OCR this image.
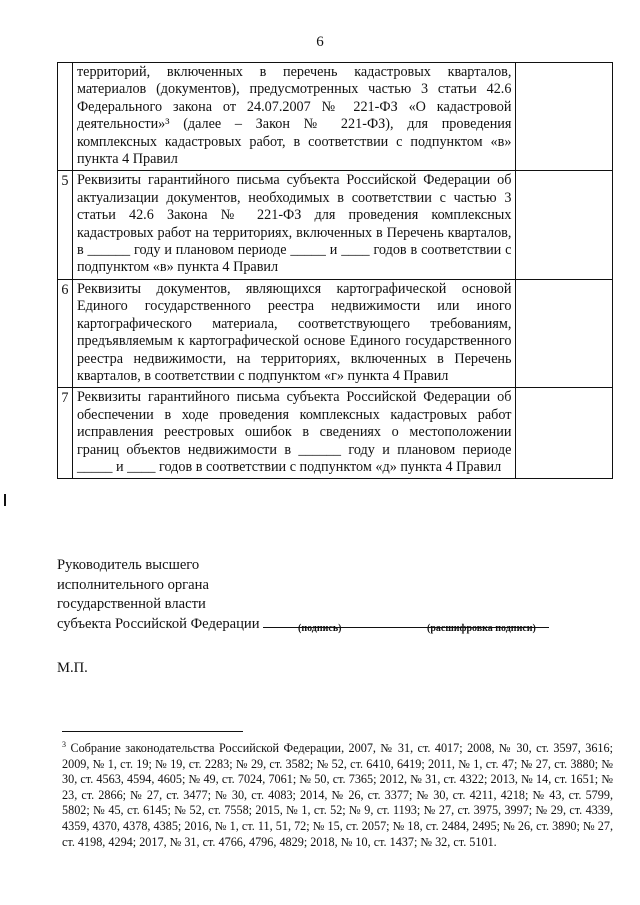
6
	территорий, включенных в перечень кадастровых кварталов, материалов (документов), предусмотренных частью 3 статьи 42.6 Федерального закона от 24.07.2007 № 221-ФЗ «О кадастровой деятельности»³ (далее – Закон № 221-ФЗ), для проведения комплексных кадастровых работ, в соответствии с подпунктом «в» пункта 4 Правил	
5	Реквизиты гарантийного письма субъекта Российской Федерации об актуализации документов, необходимых в соответствии с частью 3 статьи 42.6 Закона № 221-ФЗ для проведения комплексных кадастровых работ на территориях, включенных в Перечень кварталов, в ______ году и плановом периоде _____ и ____ годов в соответствии с подпунктом «в» пункта 4 Правил	
6	Реквизиты документов, являющихся картографической основой Единого государственного реестра недвижимости или иного картографического материала, соответствующего требованиям, предъявляемым к картографической основе Единого государственного реестра недвижимости, на территориях, включенных в Перечень кварталов, в соответствии с подпунктом «г» пункта 4 Правил	
7	Реквизиты гарантийного письма субъекта Российской Федерации об обеспечении в ходе проведения комплексных кадастровых работ исправления реестровых ошибок в сведениях о местоположении границ объектов недвижимости в ______ году и плановом периоде _____ и ____ годов в соответствии с подпунктом «д» пункта 4 Правил	
Руководитель высшего
исполнительного органа
государственной власти
субъекта Российской Федерации	(подпись)	(расшифровка подписи)
М.П.
$^3$ Собрание законодательства Российской Федерации, 2007, № 31, ст. 4017; 2008, № 30, ст. 3597, 3616; 2009, № 1, ст. 19; № 19, ст. 2283; № 29, ст. 3582; № 52, ст. 6410, 6419; 2011, № 1, ст. 47; № 27, ст. 3880; № 30, ст. 4563, 4594, 4605; № 49, ст. 7024, 7061; № 50, ст. 7365; 2012, № 31, ст. 4322; 2013, № 14, ст. 1651; № 23, ст. 2866; № 27, ст. 3477; № 30, ст. 4083; 2014, № 26, ст. 3377; № 30, ст. 4211, 4218; № 43, ст. 5799, 5802; № 45, ст. 6145; № 52, ст. 7558; 2015, № 1, ст. 52; № 9, ст. 1193; № 27, ст. 3975, 3997; № 29, ст. 4339, 4359, 4370, 4378, 4385; 2016, № 1, ст. 11, 51, 72; № 15, ст. 2057; № 18, ст. 2484, 2495; № 26, ст. 3890; № 27, ст. 4198, 4294; 2017, № 31, ст. 4766, 4796, 4829; 2018, № 10, ст. 1437; № 32, ст. 5101.
